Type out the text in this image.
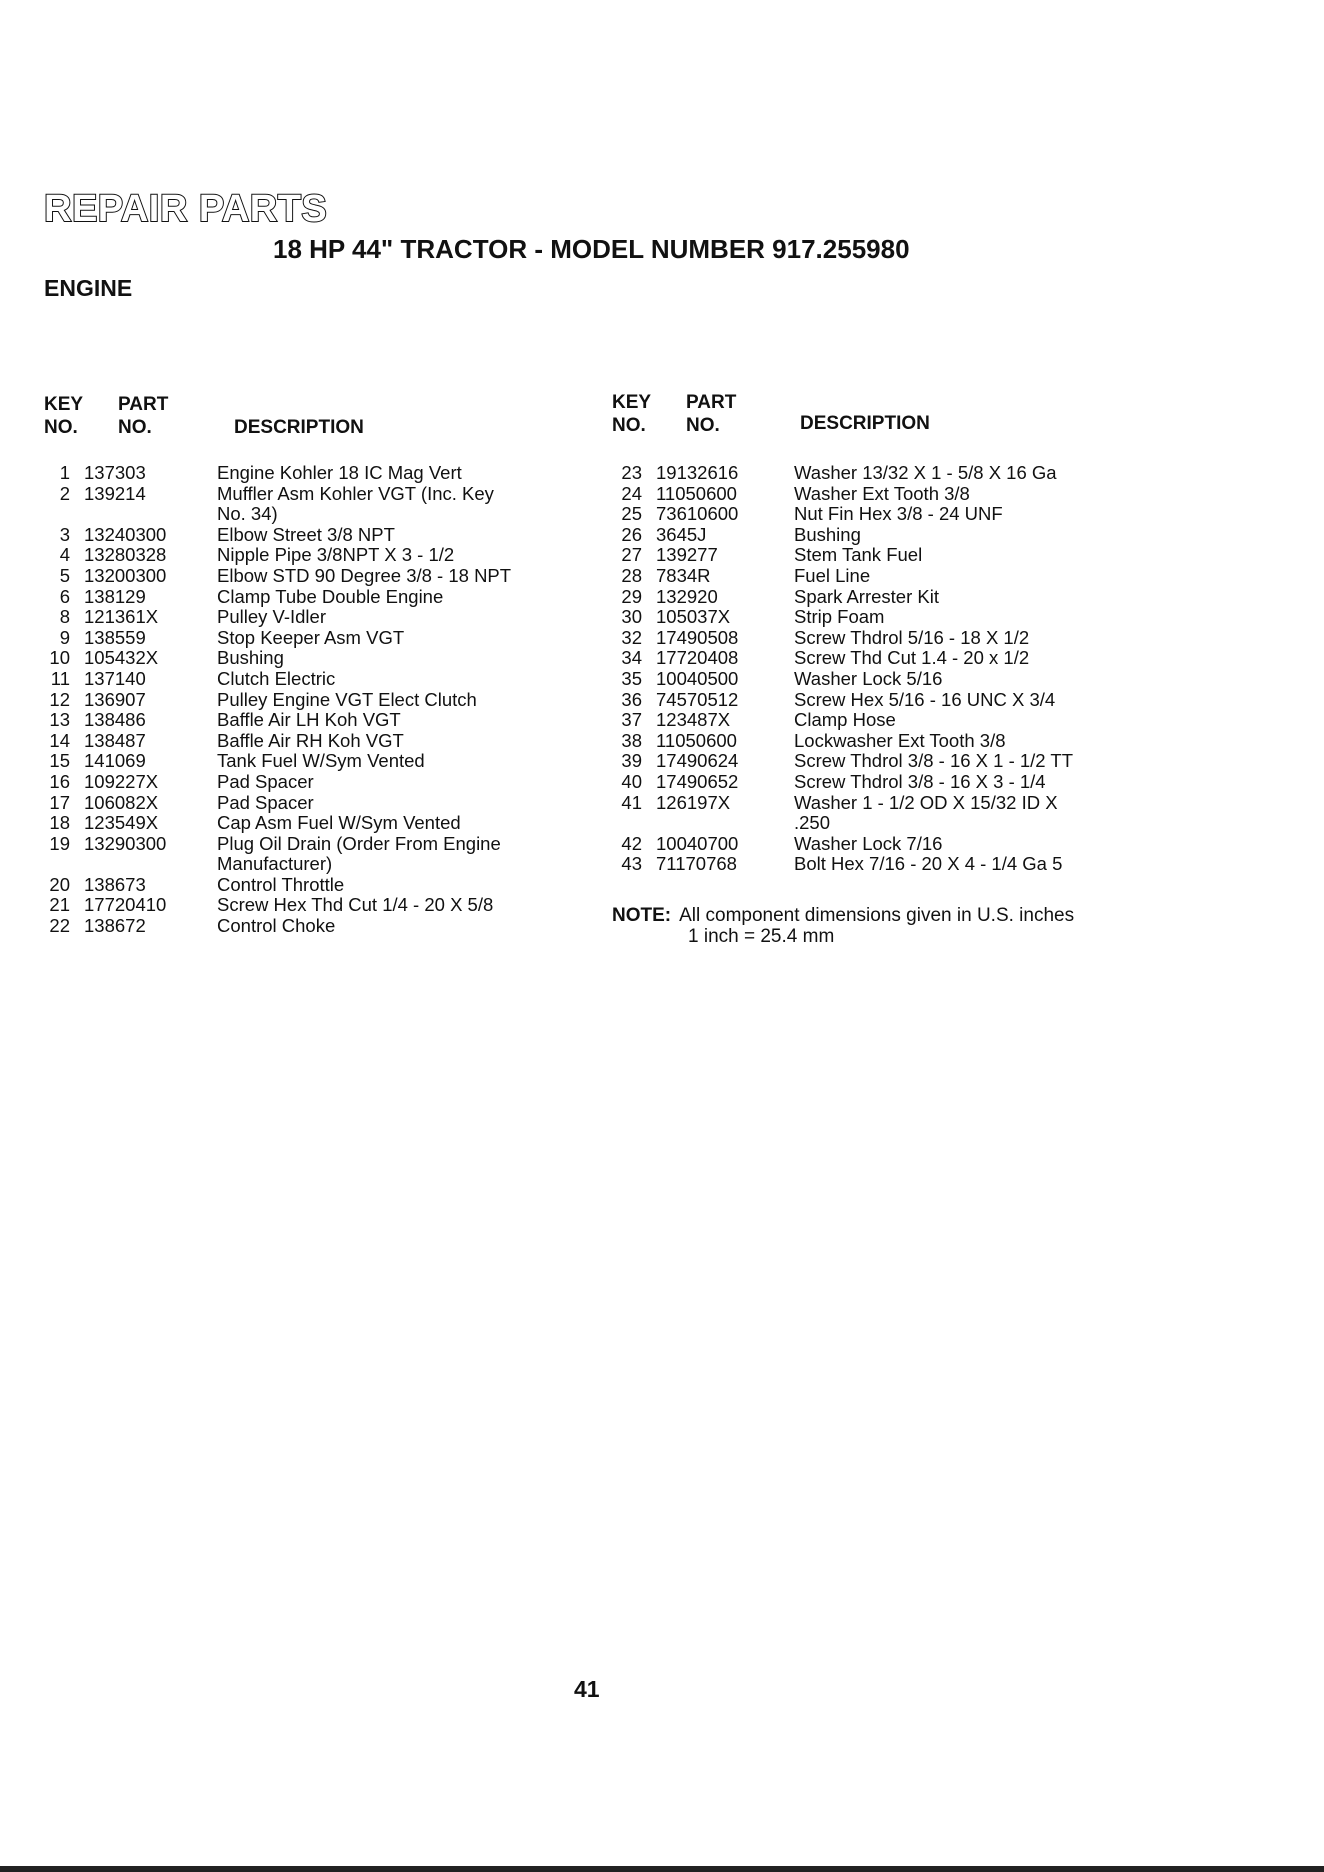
REPAIR PARTS
18 HP 44" TRACTOR - MODEL NUMBER 917.255980
ENGINE
KEY
NO.
PART
NO.	DESCRIPTION
KEY
NO.
PART
NO.	DESCRIPTION
1 137303	Engine Kohler 18 IC Mag Vert
2 139214	Muffler Asm Kohler VGT (Inc. Key
No. 34)
3 13240300	Elbow Street 3/8 NPT
4 13280328	Nipple Pipe 3/8NPT X 3 - 1/2
5 13200300	Elbow STD 90 Degree 3/8 - 18 NPT
6 138129	Clamp Tube Double Engine
8 121361X	Pulley V-Idler
9 138559	Stop Keeper Asm VGT
10 105432X	Bushing
11 137140	Clutch Electric
12 136907	Pulley Engine VGT Elect Clutch
13 138486	Baffle Air LH Koh VGT
14 138487	Baffle Air RH Koh VGT
15 141069	Tank Fuel W/Sym Vented
16 109227X	Pad Spacer
17 106082X	Pad Spacer
18 123549X	Cap Asm Fuel W/Sym Vented
19 13290300	Plug Oil Drain (Order From Engine
Manufacturer)
20 138673	Control Throttle
21 17720410	Screw Hex Thd Cut 1/4 - 20 X 5/8
22 138672	Control Choke
23 19132616	Washer 13/32 X 1 - 5/8 X 16 Ga
24 11050600	Washer Ext Tooth 3/8
25 73610600	Nut Fin Hex 3/8 - 24 UNF
26 3645J	Bushing
27 139277	Stem Tank Fuel
28 7834R	Fuel Line
29 132920	Spark Arrester Kit
30 105037X	Strip Foam
32 17490508	Screw Thdrol 5/16 - 18 X 1/2
34 17720408	Screw Thd Cut 1.4 - 20 x 1/2
35 10040500	Washer Lock 5/16
36 74570512	Screw Hex 5/16 - 16 UNC X 3/4
37 123487X	Clamp Hose
38 11050600	Lockwasher Ext Tooth 3/8
39 17490624	Screw Thdrol 3/8 - 16 X 1 - 1/2 TT
40 17490652	Screw Thdrol 3/8 - 16 X 3 - 1/4
41 126197X	Washer 1 - 1/2 OD X 15/32 ID X
.250
42 10040700	Washer Lock 7/16
43 71170768	Bolt Hex 7/16 - 20 X 4 - 1/4 Ga 5
NOTE: All component dimensions given in U.S. inches
1 inch = 25.4 mm
41
